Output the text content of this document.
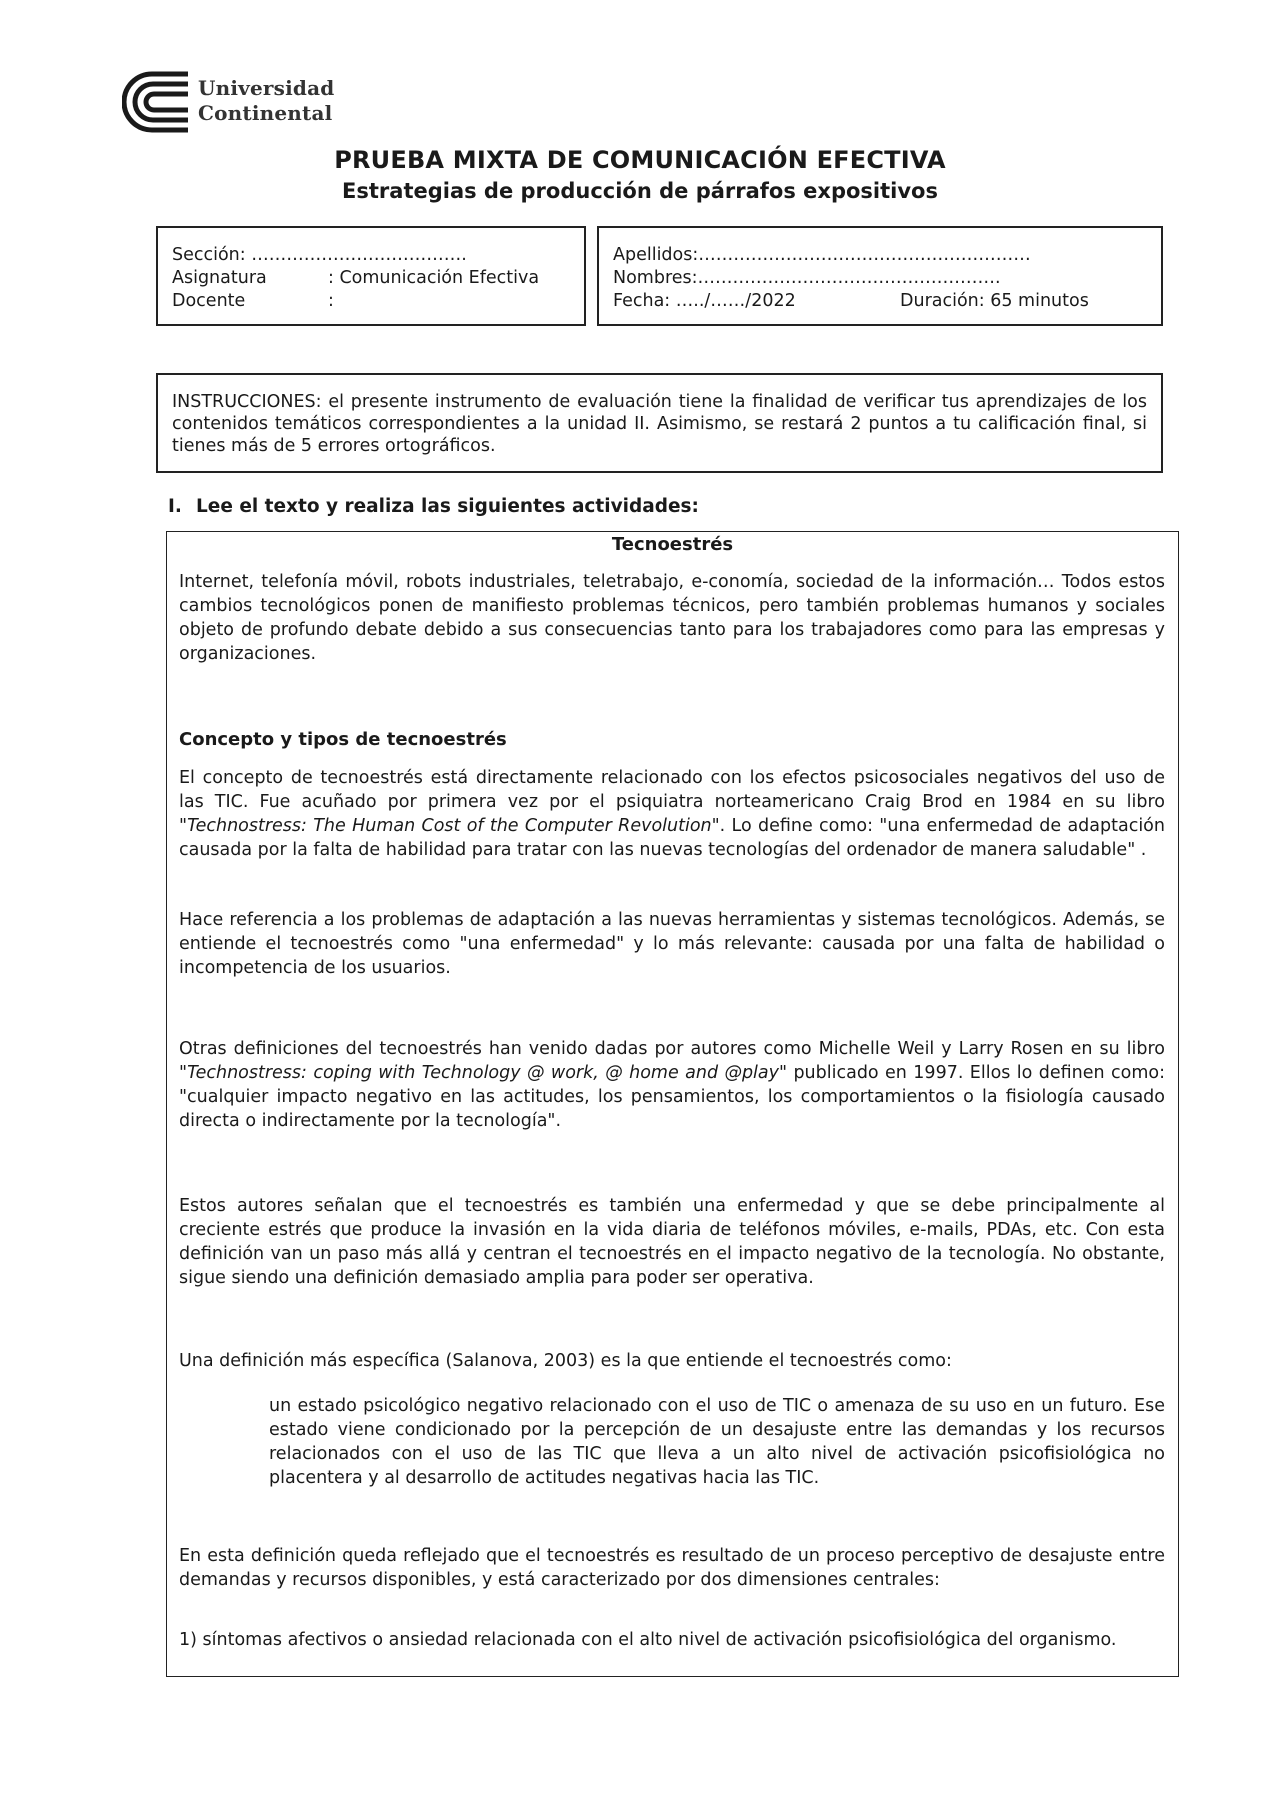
Universidad
Continental
PRUEBA MIXTA DE COMUNICACIÓN EFECTIVA
Estrategias de producción de párrafos expositivos
Sección: ……………………………….
Asignatura	: Comunicación Efectiva
Docente	:
Apellidos:…………………………………………………
Nombres:…………………………………………….
Fecha: …../……/2022	Duración: 65 minutos
INSTRUCCIONES: el presente instrumento de evaluación tiene la finalidad de verificar tus aprendizajes de los contenidos temáticos correspondientes a la unidad II. Asimismo, se restará 2 puntos a tu calificación final, si tienes más de 5 errores ortográficos.
I. Lee el texto y realiza las siguientes actividades:
Tecnoestrés
Internet, telefonía móvil, robots industriales, teletrabajo, e-conomía, sociedad de la información… Todos estos cambios tecnológicos ponen de manifiesto problemas técnicos, pero también problemas humanos y sociales objeto de profundo debate debido a sus consecuencias tanto para los trabajadores como para las empresas y organizaciones.
Concepto y tipos de tecnoestrés
El concepto de tecnoestrés está directamente relacionado con los efectos psicosociales negativos del uso de las TIC. Fue acuñado por primera vez por el psiquiatra norteamericano Craig Brod en 1984 en su libro "Technostress: The Human Cost of the Computer Revolution". Lo define como: "una enfermedad de adaptación causada por la falta de habilidad para tratar con las nuevas tecnologías del ordenador de manera saludable" .
Hace referencia a los problemas de adaptación a las nuevas herramientas y sistemas tecnológicos. Además, se entiende el tecnoestrés como "una enfermedad" y lo más relevante: causada por una falta de habilidad o incompetencia de los usuarios.
Otras definiciones del tecnoestrés han venido dadas por autores como Michelle Weil y Larry Rosen en su libro "Technostress: coping with Technology @ work, @ home and @play" publicado en 1997. Ellos lo definen como: "cualquier impacto negativo en las actitudes, los pensamientos, los comportamientos o la fisiología causado directa o indirectamente por la tecnología".
Estos autores señalan que el tecnoestrés es también una enfermedad y que se debe principalmente al creciente estrés que produce la invasión en la vida diaria de teléfonos móviles, e-mails, PDAs, etc. Con esta definición van un paso más allá y centran el tecnoestrés en el impacto negativo de la tecnología. No obstante, sigue siendo una definición demasiado amplia para poder ser operativa.
Una definición más específica (Salanova, 2003) es la que entiende el tecnoestrés como:
un estado psicológico negativo relacionado con el uso de TIC o amenaza de su uso en un futuro. Ese estado viene condicionado por la percepción de un desajuste entre las demandas y los recursos relacionados con el uso de las TIC que lleva a un alto nivel de activación psicofisiológica no placentera y al desarrollo de actitudes negativas hacia las TIC.
En esta definición queda reflejado que el tecnoestrés es resultado de un proceso perceptivo de desajuste entre demandas y recursos disponibles, y está caracterizado por dos dimensiones centrales:
1) síntomas afectivos o ansiedad relacionada con el alto nivel de activación psicofisiológica del organismo.
